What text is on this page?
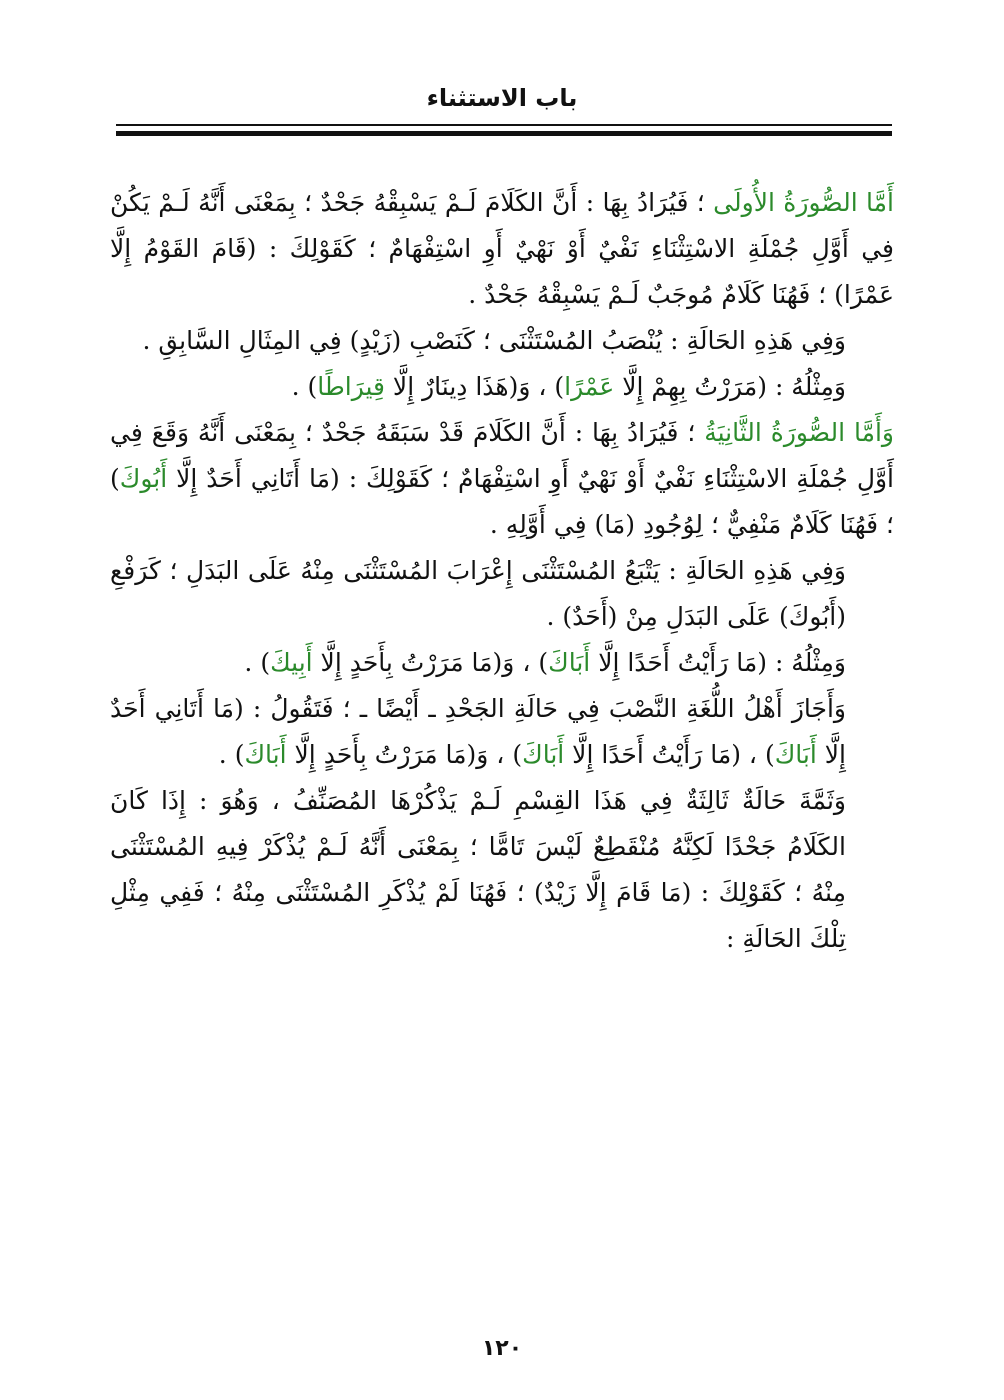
باب الاستثناء

أَمَّا الصُّورَةُ الأُولَى ؛ فَيُرَادُ بِهَا : أَنَّ الكَلَامَ لَـمْ يَسْبِقْهُ جَحْدٌ ؛ بِمَعْنَى أَنَّهُ لَـمْ يَكُنْ فِي أَوَّلِ جُمْلَةِ الاسْتِثْنَاءِ نَفْيٌ أَوْ نَهْيٌ أَوِ اسْتِفْهَامٌ ؛ كَقَوْلِكَ : (قَامَ القَوْمُ إِلَّا عَمْرًا) ؛ فَهُنَا كَلَامٌ مُوجَبٌ لَـمْ يَسْبِقْهُ جَحْدٌ .

وَفِي هَذِهِ الحَالَةِ : يُنْصَبُ المُسْتَثْنَى ؛ كَنَصْبِ (زَيْدٍ) فِي المِثَالِ السَّابِقِ .

وَمِثْلُهُ : (مَرَرْتُ بِهِمْ إِلَّا عَمْرًا) ، وَ(هَذَا دِينَارٌ إِلَّا قِيرَاطًا) .

وَأَمَّا الصُّورَةُ الثَّانِيَةُ ؛ فَيُرَادُ بِهَا : أَنَّ الكَلَامَ قَدْ سَبَقَهُ جَحْدٌ ؛ بِمَعْنَى أَنَّهُ وَقَعَ فِي أَوَّلِ جُمْلَةِ الاسْتِثْنَاءِ نَفْيٌ أَوْ نَهْيٌ أَوِ اسْتِفْهَامٌ ؛ كَقَوْلِكَ : (مَا أَتَانِي أَحَدٌ إِلَّا أَبُوكَ) ؛ فَهُنَا كَلَامٌ مَنْفِيٌّ ؛ لِوُجُودِ (مَا) فِي أَوَّلِهِ .

وَفِي هَذِهِ الحَالَةِ : يَتْبَعُ المُسْتَثْنَى إِعْرَابَ المُسْتَثْنَى مِنْهُ عَلَى البَدَلِ ؛ كَرَفْعِ (أَبُوكَ) عَلَى البَدَلِ مِنْ (أَحَدٌ) .

وَمِثْلُهُ : (مَا رَأَيْتُ أَحَدًا إِلَّا أَبَاكَ) ، وَ(مَا مَرَرْتُ بِأَحَدٍ إِلَّا أَبِيكَ) .

وَأَجَازَ أَهْلُ اللُّغَةِ النَّصْبَ فِي حَالَةِ الجَحْدِ ـ أَيْضًا ـ ؛ فَتَقُولُ : (مَا أَتَانِي أَحَدٌ إِلَّا أَبَاكَ) ، (مَا رَأَيْتُ أَحَدًا إِلَّا أَبَاكَ) ، وَ(مَا مَرَرْتُ بِأَحَدٍ إِلَّا أَبَاكَ) .

وَثَمَّةَ حَالَةٌ ثَالِثَةٌ فِي هَذَا القِسْمِ لَـمْ يَذْكُرْهَا المُصَنِّفُ ، وَهُوَ : إِذَا كَانَ الكَلَامُ جَحْدًا لَكِنَّهُ مُنْقَطِعٌ لَيْسَ تَامًّا ؛ بِمَعْنَى أَنَّهُ لَـمْ يُذْكَرْ فِيهِ المُسْتَثْنَى مِنْهُ ؛ كَقَوْلِكَ : (مَا قَامَ إِلَّا زَيْدٌ) ؛ فَهُنَا لَمْ يُذْكَرِ المُسْتَثْنَى مِنْهُ ؛ فَفِي مِثْلِ تِلْكَ الحَالَةِ :

١٢٠
